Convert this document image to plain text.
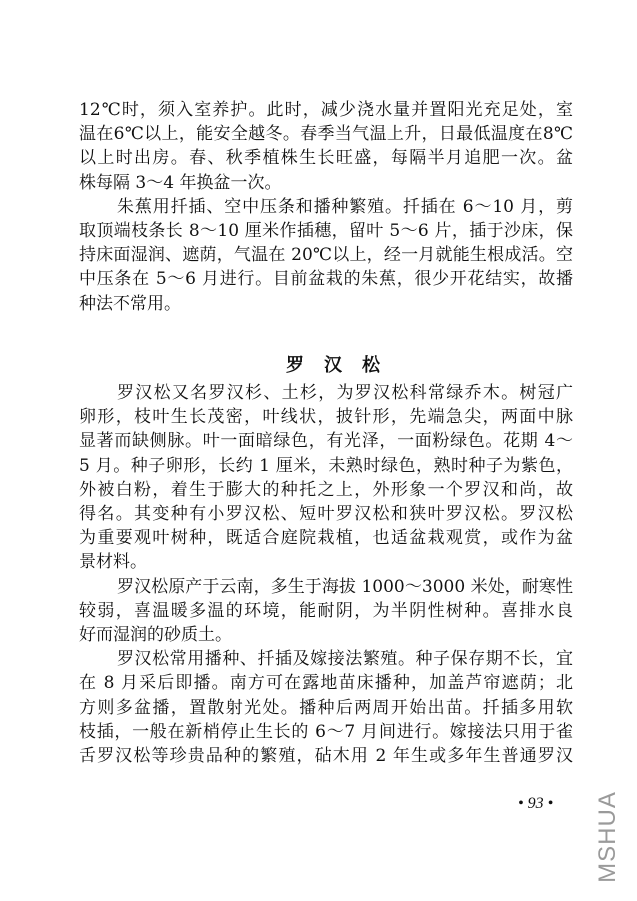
12℃时，须入室养护。此时，减少浇水量并置阳光充足处，室
温在6℃以上，能安全越冬。春季当气温上升，日最低温度在8℃
以上时出房。春、秋季植株生长旺盛，每隔半月追肥一次。盆
株每隔 3～4 年换盆一次。
朱蕉用扦插、空中压条和播种繁殖。扦插在 6～10 月，剪
取顶端枝条长 8～10 厘米作插穗，留叶 5～6 片，插于沙床，保
持床面湿润、遮荫，气温在 20℃以上，经一月就能生根成活。空
中压条在 5～6 月进行。目前盆栽的朱蕉，很少开花结实，故播
种法不常用。
罗汉松
罗汉松又名罗汉杉、土杉，为罗汉松科常绿乔木。树冠广
卵形，枝叶生长茂密，叶线状，披针形，先端急尖，两面中脉
显著而缺侧脉。叶一面暗绿色，有光泽，一面粉绿色。花期 4～
5 月。种子卵形，长约 1 厘米，未熟时绿色，熟时种子为紫色，
外被白粉，着生于膨大的种托之上，外形象一个罗汉和尚，故
得名。其变种有小罗汉松、短叶罗汉松和狭叶罗汉松。罗汉松
为重要观叶树种，既适合庭院栽植，也适盆栽观赏，或作为盆
景材料。
罗汉松原产于云南，多生于海拔 1000～3000 米处，耐寒性
较弱，喜温暖多温的环境，能耐阴，为半阴性树种。喜排水良
好而湿润的砂质土。
罗汉松常用播种、扦插及嫁接法繁殖。种子保存期不长，宜
在 8 月采后即播。南方可在露地苗床播种，加盖芦帘遮荫；北
方则多盆播，置散射光处。播种后两周开始出苗。扦插多用软
枝插，一般在新梢停止生长的 6～7 月间进行。嫁接法只用于雀
舌罗汉松等珍贵品种的繁殖，砧木用 2 年生或多年生普通罗汉
• 93 • MSHUA
